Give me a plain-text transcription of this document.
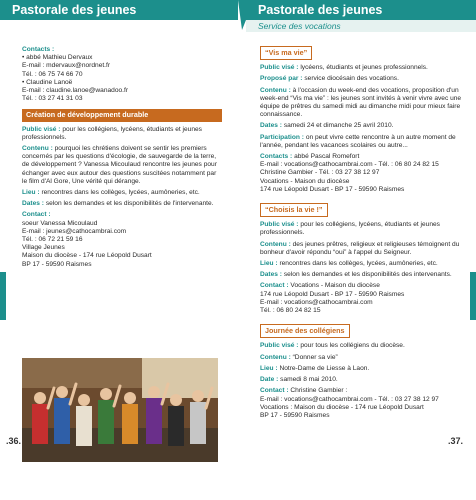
Pastorale des jeunes
Contacts :
• abbé Mathieu Dervaux
E-mail : mdervaux@nordnet.fr
Tél. : 06 75 74 66 70
• Claudine Lanoë
E-mail : claudine.lanoe@wanadoo.fr
Tél. : 03 27 41 31 03
Création de développement durable
Public visé : pour les collégiens, lycéens, étudiants et jeunes professionnels.
Contenu : pourquoi les chrétiens doivent se sentir les premiers concernés par les questions d'écologie, de sauvegarde de la terre, de développement ? Vanessa Micoulaud rencontre les jeunes pour échanger avec eux autour des questions suscitées notamment par le film d'Al Gore, Une vérité qui dérange.
Lieu : rencontres dans les collèges, lycées, aumôneries, etc.
Dates : selon les demandes et les disponibilités de l'intervenante.
Contact :
soeur Vanessa Micoulaud
E-mail : jeunes@cathocambrai.com
Tél. : 06 72 21 59 16
Village Jeunes
Maison du diocèse - 174 rue Léopold Dusart
BP 17 - 59590 Raismes
.36.
Pastorale des jeunes
Service des vocations
“Vis ma vie”
Public visé : lycéens, étudiants et jeunes professionnels.
Proposé par : service diocésain des vocations.
Contenu : à l'occasion du week-end des vocations, proposition d'un week-end “Vis ma vie” : les jeunes sont invités à venir vivre avec une équipe de prêtres du samedi midi au dimanche midi pour mieux faire connaissance.
Dates : samedi 24 et dimanche 25 avril 2010.
Participation : on peut vivre cette rencontre à un autre moment de l'année, pendant les vacances scolaires ou autre...
Contacts : abbé Pascal Romefort
E-mail : vocations@cathocambrai.com - Tél. : 06 80 24 82 15
Christine Gambier - Tél. : 03 27 38 12 97
Vocations - Maison du diocèse
174 rue Léopold Dusart - BP 17 - 59590 Raismes
“Choisis la vie !”
Public visé : pour les collégiens, lycéens, étudiants et jeunes professionnels.
Contenu : des jeunes prêtres, religieux et religieuses témoignent du bonheur d'avoir répondu “oui” à l'appel du Seigneur.
Lieu : rencontres dans les collèges, lycées, aumôneries, etc.
Dates : selon les demandes et les disponibilités des intervenants.
Contact : Vocations - Maison du diocèse
174 rue Léopold Dusart - BP 17 - 59590 Raismes
E-mail : vocations@cathocambrai.com
Tél. : 06 80 24 82 15
Journée des collégiens
Public visé : pour tous les collégiens du diocèse.
Contenu : “Donner sa vie”
Lieu : Notre-Dame de Liesse à Laon.
Date : samedi 8 mai 2010.
Contact : Christine Gambier :
E-mail : vocations@cathocambrai.com - Tél. : 03 27 38 12 97
Vocations : Maison du diocèse - 174 rue Léopold Dusart
BP 17 - 59590 Raismes
.37.
